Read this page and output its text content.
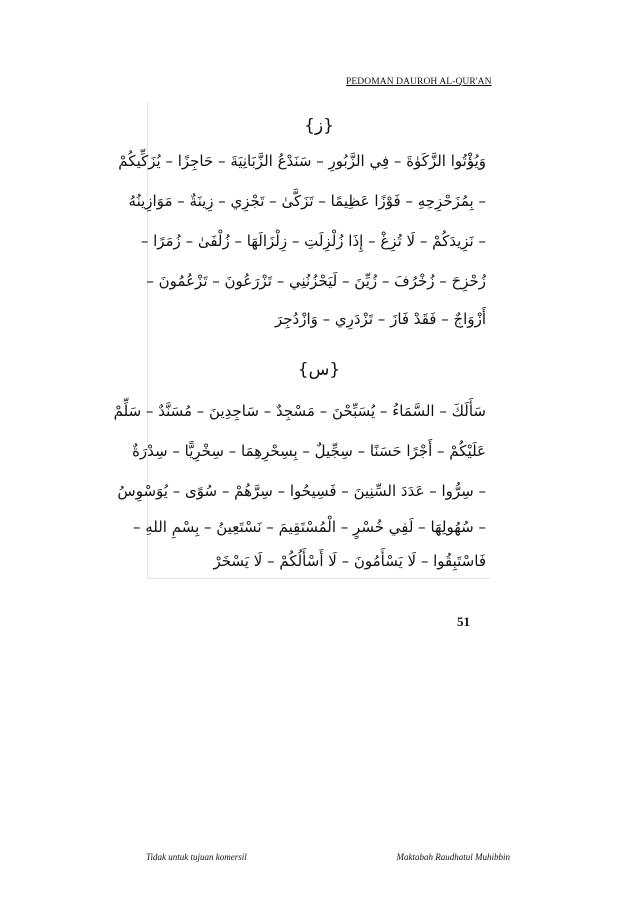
PEDOMAN DAUROH AL-QUR'AN
{ز}
وَيُؤْتُوا الزَّكَوٰةَ – فِي الزَّبُورِ – سَنَدْعُ الزَّبَانِيَةَ – حَاجِزًا – يُزَكِّيكُمْ
– بِمُزَحْزِحِهِ – فَوْزًا عَظِيمًا – تَزَكَّىٰ – تَجْزِي – زِينَةٌ – مَوَازِينُهُ
– نَزِيدَكُمْ – لَا تُزِغْ – إِذَا زُلْزِلَتِ – زِلْزَالَهَا – زُلْفَىٰ – زُمَرًا –
زُحْزِحَ – زُخْرُفَ – زُيِّنَ – لَيَحْزُنُنِي – تَزْرَعُونَ – تَزْعُمُونَ –
أَزْوَاجٌ – فَقَدْ فَازَ – تَزْدَرِي – وَازْدُجِرَ
{س}
سَأَلَكَ – السَّمَاءُ – يُسَبِّحْنَ – مَسْجِدٌ – سَاجِدِينَ – مُسَنَّدٌ – سَلِّمْ
عَلَيْكُمْ – أَجْرًا حَسَنًا – سِجِّيلٌ – بِسِحْرِهِمَا – سِخْرِيًّا – سِدْرَةٌ
– سِرُّوا – عَدَدَ السِّنِينَ – فَسِيحُوا – سِرَّهُمْ – سُوًى – يُوَسْوِسُ
– سُهُولِهَا – لَفِي خُسْرٍ – الْمُسْتَقِيمَ – نَسْتَعِينُ – بِسْمِ اللهِ –
فَاسْتَبِقُوا – لَا يَسْأَمُونَ – لَا أَسْأَلُكُمْ – لَا يَسْخَرْ
51
Tidak untuk tujuan komersil	Maktabah Raudhatul Muhibbin
